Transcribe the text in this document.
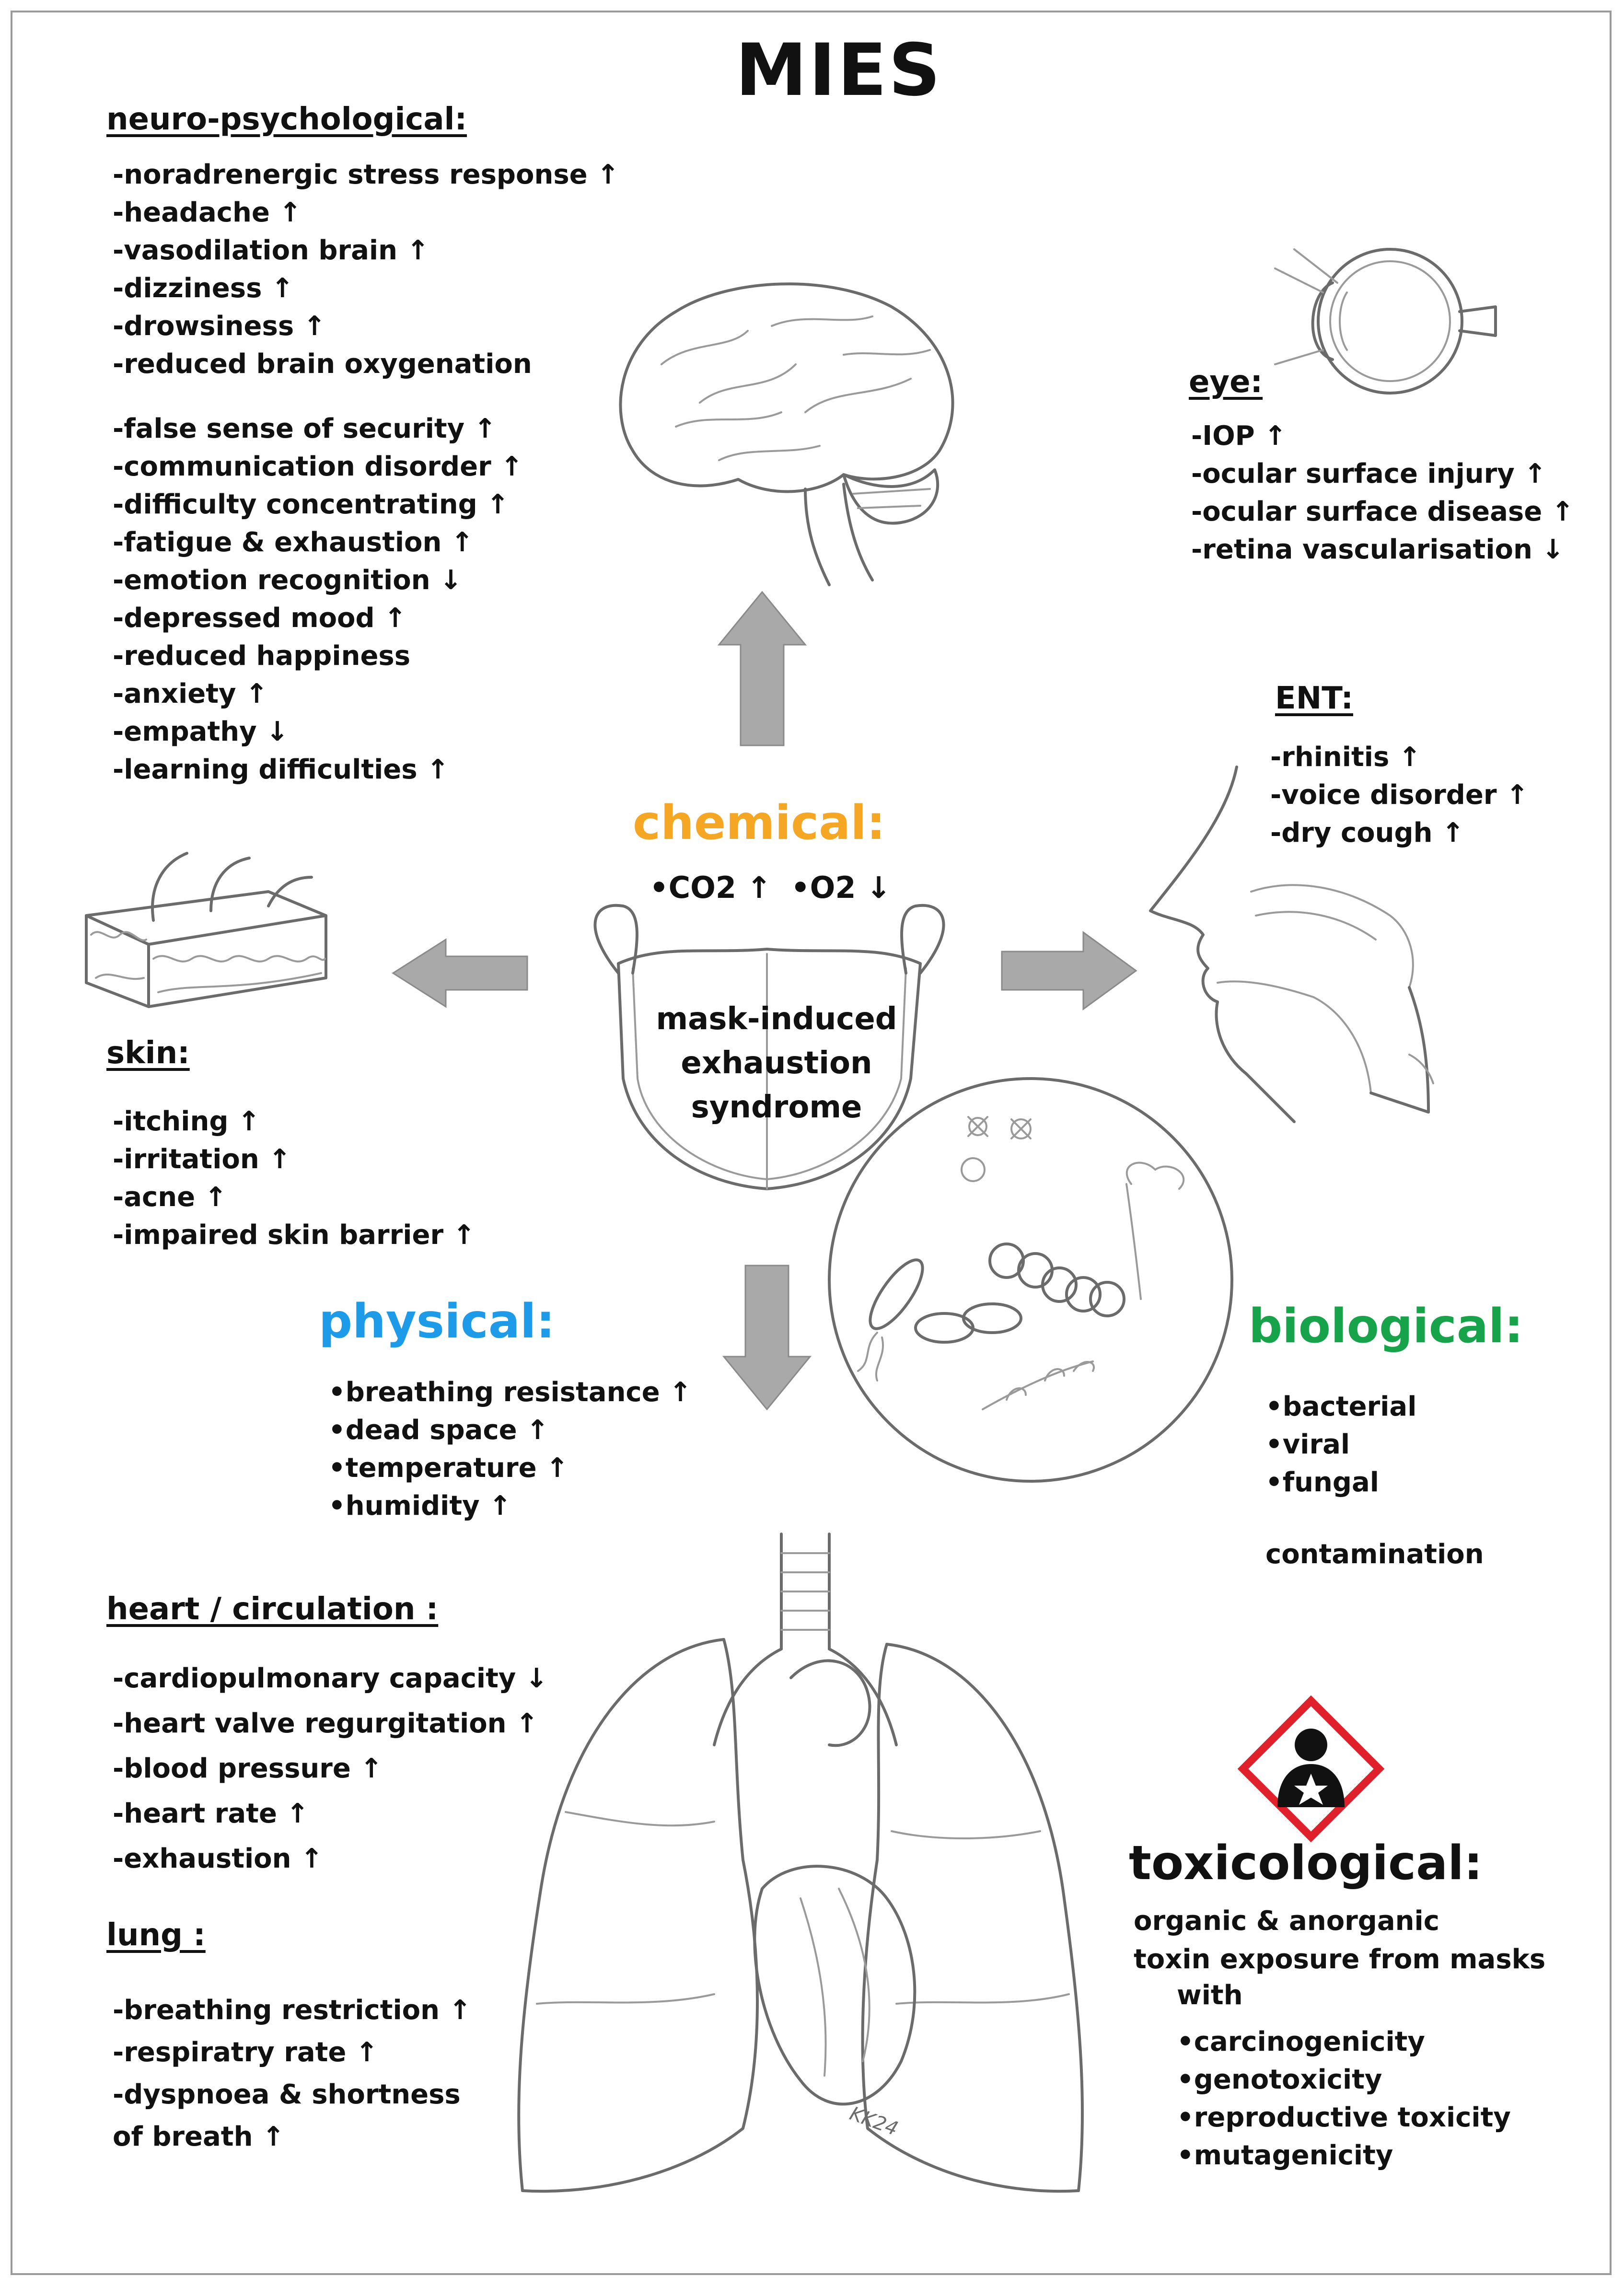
MIES
neuro-psychological:
-noradrenergic stress response ↑
-headache ↑
-vasodilation brain ↑
-dizziness ↑
-drowsiness ↑
-reduced brain oxygenation
-false sense of security ↑
-communication disorder ↑
-difficulty concentrating ↑
-fatigue & exhaustion ↑
-emotion recognition ↓
-depressed mood ↑
-reduced happiness
-anxiety ↑
-empathy ↓
-learning difficulties ↑
eye:
-IOP ↑
-ocular surface injury ↑
-ocular surface disease ↑
-retina vascularisation ↓
ENT:
-rhinitis ↑
-voice disorder ↑
-dry cough ↑
chemical:
•CO2 ↑ •O2 ↓
mask-induced
exhaustion
syndrome
skin:
-itching ↑
-irritation ↑
-acne ↑
-impaired skin barrier ↑
physical:
•breathing resistance ↑
•dead space ↑
•temperature ↑
•humidity ↑
biological:
•bacterial
•viral
•fungal
contamination
heart / circulation :
-cardiopulmonary capacity ↓
-heart valve regurgitation ↑
-blood pressure ↑
-heart rate ↑
-exhaustion ↑
lung :
-breathing restriction ↑
-respiratry rate ↑
-dyspnoea & shortness
of breath ↑	KK24
toxicological:
organic & anorganic
toxin exposure from masks
with
•carcinogenicity
•genotoxicity
•reproductive toxicity
•mutagenicity
